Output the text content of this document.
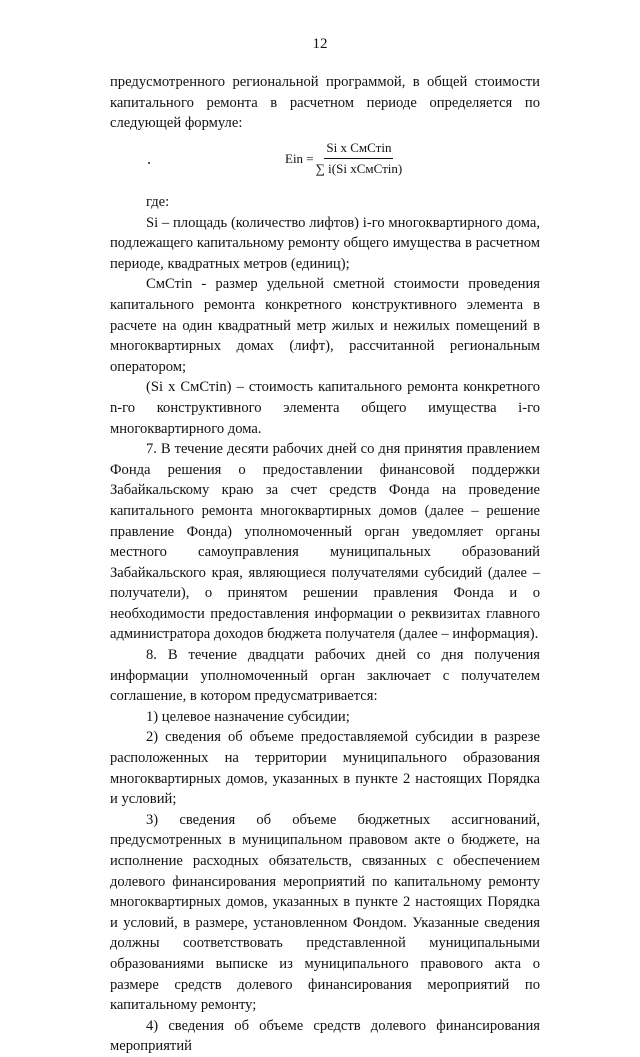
12

предусмотренного региональной программой, в общей стоимости капитального ремонта в расчетном периоде определяется по следующей формуле:

Ein = $\frac{\text{Si x СмСтin}}{\text{∑ i(Si xСмСтin)}}$

где:

Si – площадь (количество лифтов) i-го многоквартирного дома, подлежащего капитальному ремонту общего имущества в расчетном периоде, квадратных метров (единиц);

СмСтin - размер удельной сметной стоимости проведения капитального ремонта конкретного конструктивного элемента в расчете на один квадратный метр жилых и нежилых помещений в многоквартирных домах (лифт), рассчитанной региональным оператором;

(Si x СмСтin) – стоимость капитального ремонта конкретного n-го конструктивного элемента общего имущества i-го многоквартирного дома.

7. В течение десяти рабочих дней со дня принятия правлением Фонда решения о предоставлении финансовой поддержки Забайкальскому краю за счет средств Фонда на проведение капитального ремонта многоквартирных домов (далее – решение правление Фонда) уполномоченный орган уведомляет органы местного самоуправления муниципальных образований Забайкальского края, являющиеся получателями субсидий (далее – получатели), о принятом решении правления Фонда и о необходимости предоставления информации о реквизитах главного администратора доходов бюджета получателя (далее – информация).

8. В течение двадцати рабочих дней со дня получения информации уполномоченный орган заключает с получателем соглашение, в котором предусматривается:

1) целевое назначение субсидии;

2) сведения об объеме предоставляемой субсидии в разрезе расположенных на территории муниципального образования многоквартирных домов, указанных в пункте 2 настоящих Порядка и условий;

3) сведения об объеме бюджетных ассигнований, предусмотренных в муниципальном правовом акте о бюджете, на исполнение расходных обязательств, связанных с обеспечением долевого финансирования мероприятий по капитальному ремонту многоквартирных домов, указанных в пункте 2 настоящих Порядка и условий, в размере, установленном Фондом. Указанные сведения должны соответствовать представленной муниципальными образованиями выписке из муниципального правового акта о размере средств долевого финансирования мероприятий по капитальному ремонту;

4) сведения об объеме средств долевого финансирования мероприятий
